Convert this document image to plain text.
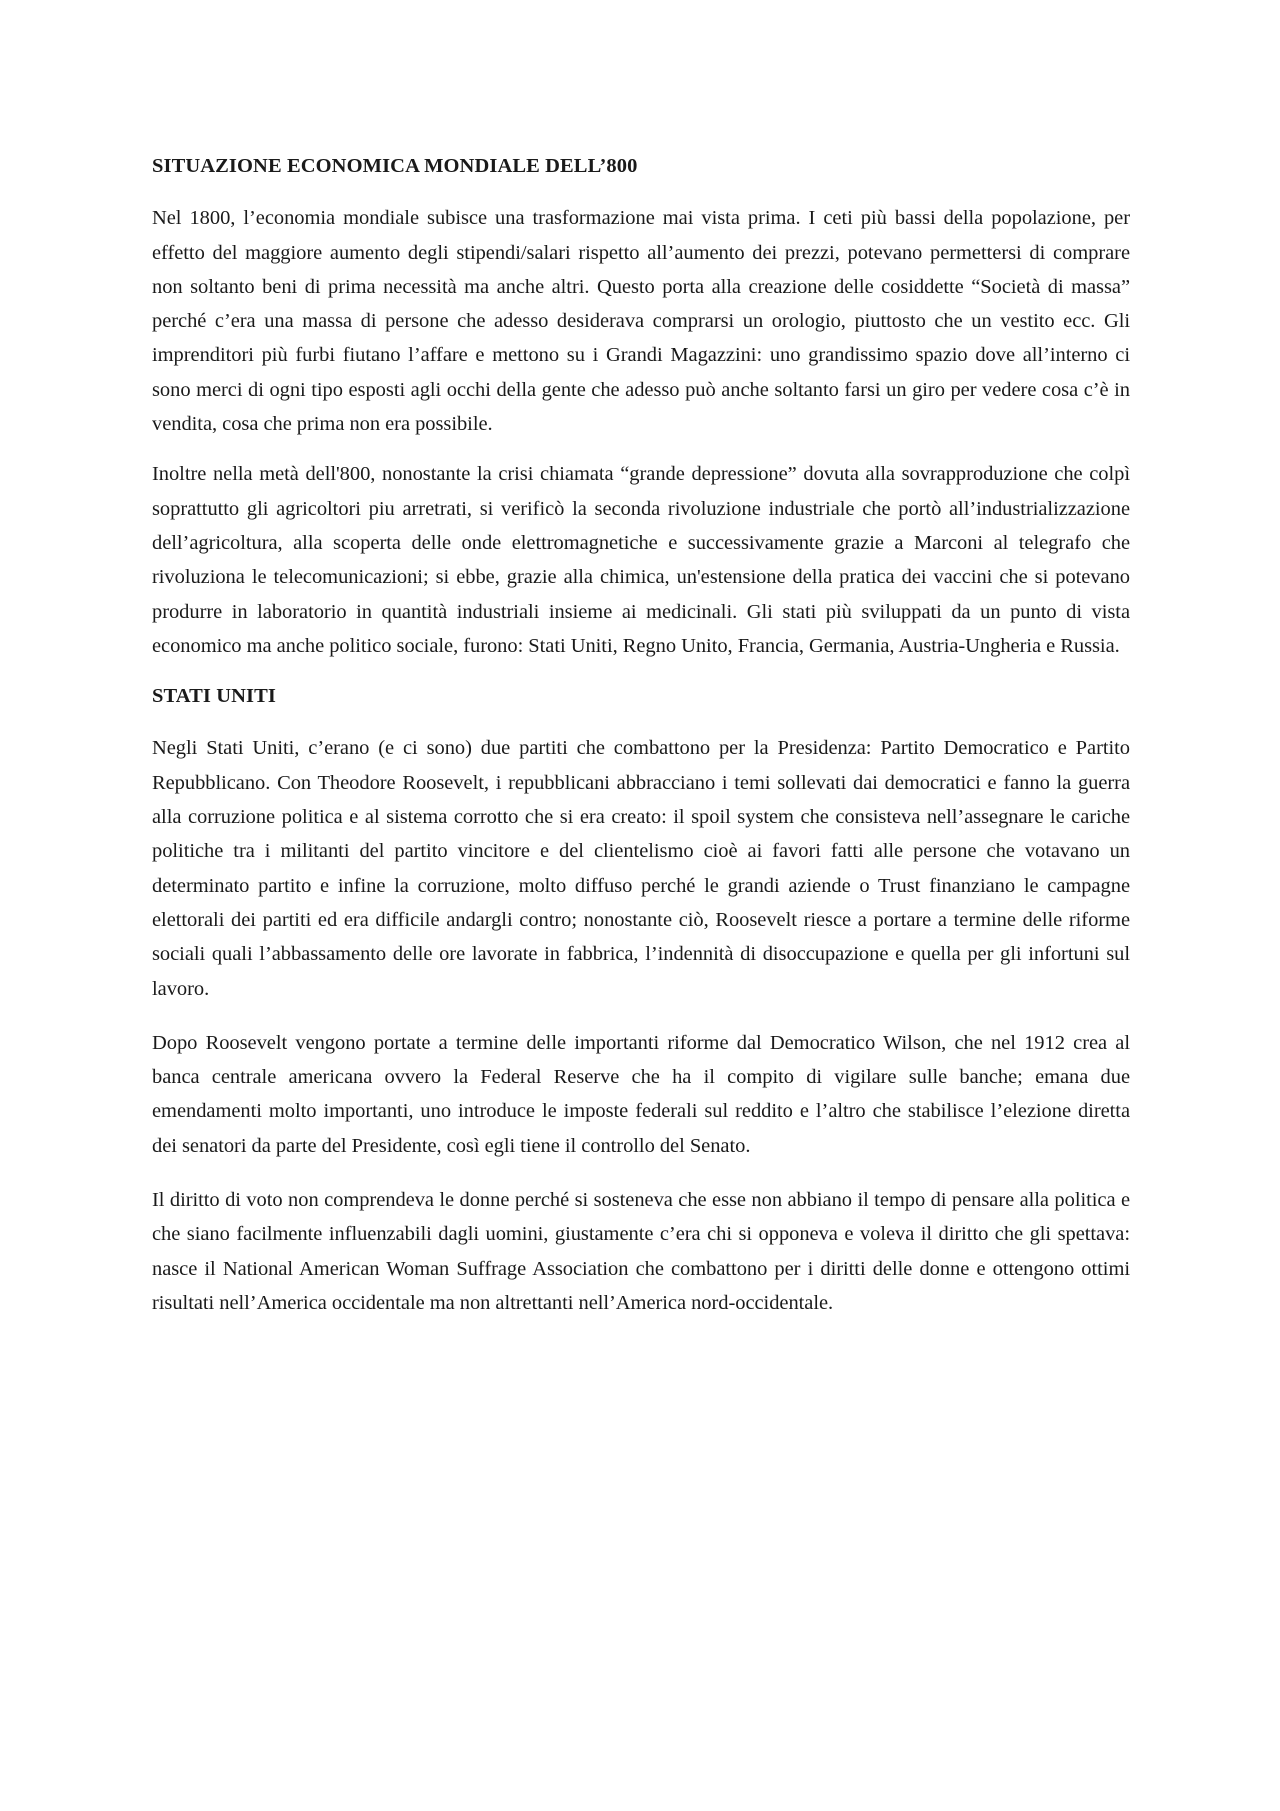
SITUAZIONE ECONOMICA MONDIALE DELL’800

Nel 1800, l’economia mondiale subisce una trasformazione mai vista prima. I ceti più bassi della popolazione, per effetto del maggiore aumento degli stipendi/salari rispetto all’aumento dei prezzi, potevano permettersi di comprare non soltanto beni di prima necessità ma anche altri. Questo porta alla creazione delle cosiddette “Società di massa” perché c’era una massa di persone che adesso desiderava comprarsi un orologio, piuttosto che un vestito ecc. Gli imprenditori più furbi fiutano l’affare e mettono su i Grandi Magazzini: uno grandissimo spazio dove all’interno ci sono merci di ogni tipo esposti agli occhi della gente che adesso può anche soltanto farsi un giro per vedere cosa c’è in vendita, cosa che prima non era possibile.

Inoltre nella metà dell'800, nonostante la crisi chiamata “grande depressione” dovuta alla sovrapproduzione che colpì soprattutto gli agricoltori piu arretrati, si verificò la seconda rivoluzione industriale che portò all’industrializzazione dell’agricoltura, alla scoperta delle onde elettromagnetiche e successivamente grazie a Marconi al telegrafo che rivoluziona le telecomunicazioni; si ebbe, grazie alla chimica, un'estensione della pratica dei vaccini che si potevano produrre in laboratorio in quantità industriali insieme ai medicinali. Gli stati più sviluppati da un punto di vista economico ma anche politico sociale, furono: Stati Uniti, Regno Unito, Francia, Germania, Austria-Ungheria e Russia.

STATI UNITI

Negli Stati Uniti, c’erano (e ci sono) due partiti che combattono per la Presidenza: Partito Democratico e Partito Repubblicano. Con Theodore Roosevelt, i repubblicani abbracciano i temi sollevati dai democratici e fanno la guerra alla corruzione politica e al sistema corrotto che si era creato: il spoil system che consisteva nell’assegnare le cariche politiche tra i militanti del partito vincitore e del clientelismo cioè ai favori fatti alle persone che votavano un determinato partito e infine la corruzione, molto diffuso perché le grandi aziende o Trust finanziano le campagne elettorali dei partiti ed era difficile andargli contro; nonostante ciò, Roosevelt riesce a portare a termine delle riforme sociali quali l’abbassamento delle ore lavorate in fabbrica, l’indennità di disoccupazione e quella per gli infortuni sul lavoro.

Dopo Roosevelt vengono portate a termine delle importanti riforme dal Democratico Wilson, che nel 1912 crea al banca centrale americana ovvero la Federal Reserve che ha il compito di vigilare sulle banche; emana due emendamenti molto importanti, uno introduce le imposte federali sul reddito e l’altro che stabilisce l’elezione diretta dei senatori da parte del Presidente, così egli tiene il controllo del Senato.

Il diritto di voto non comprendeva le donne perché si sosteneva che esse non abbiano il tempo di pensare alla politica e che siano facilmente influenzabili dagli uomini, giustamente c’era chi si opponeva e voleva il diritto che gli spettava: nasce il National American Woman Suffrage Association che combattono per i diritti delle donne e ottengono ottimi risultati nell’America occidentale ma non altrettanti nell’America nord-occidentale.
